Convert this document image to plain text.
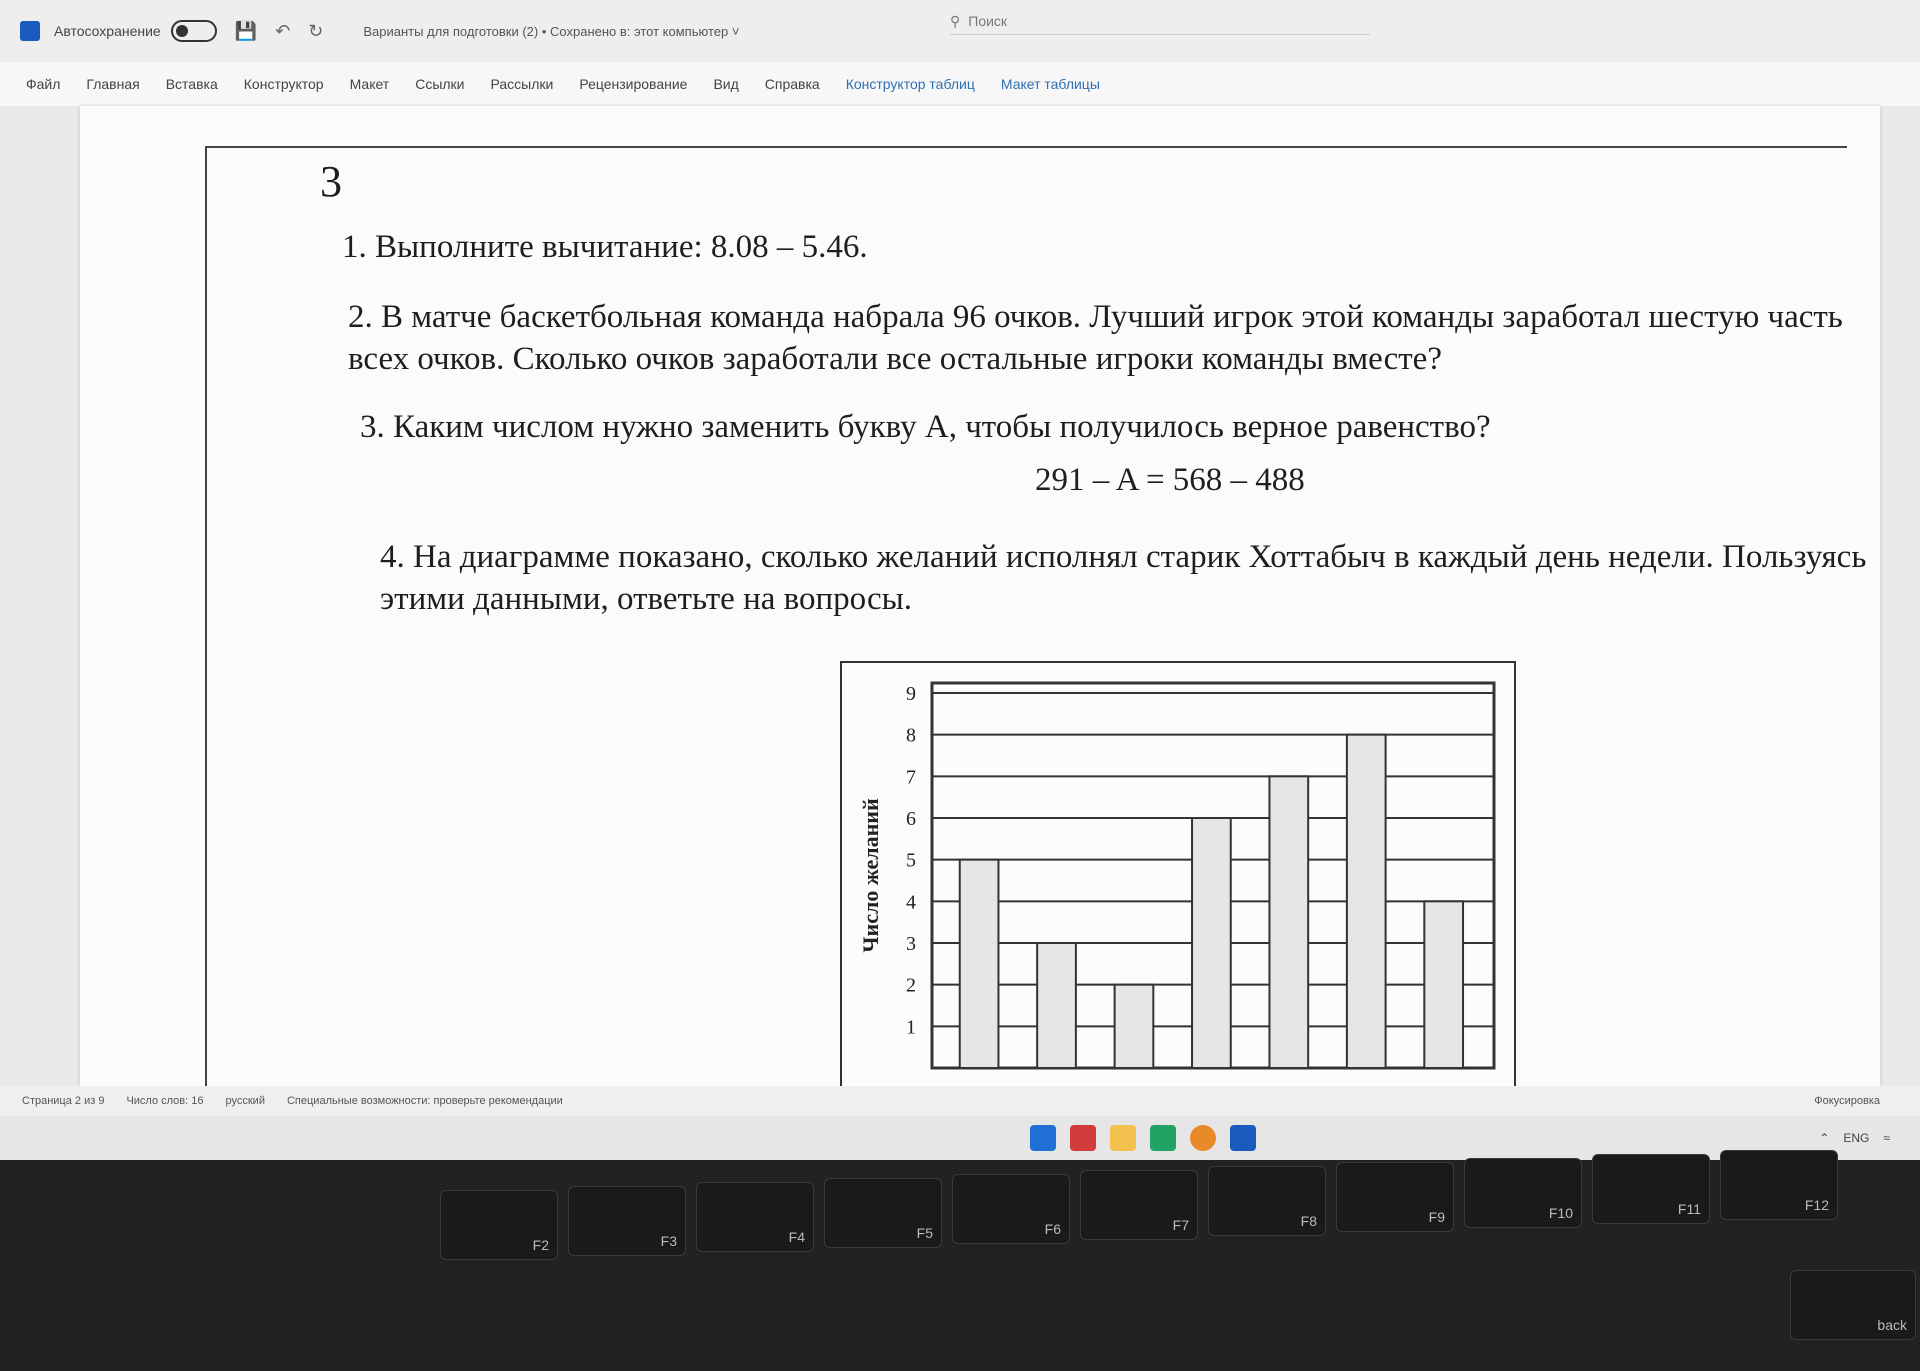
Автосохранение	💾 ↶ ↻	Варианты для подготовки (2) • Сохранено в: этот компьютер ˅
⚲ Поиск
Файл Главная Вставка Конструктор Макет Ссылки Рассылки Рецензирование Вид Справка Конструктор таблиц Макет таблицы
3
1. Выполните вычитание: 8.08 – 5.46.
2. В матче баскетбольная команда набрала 96 очков. Лучший игрок этой команды заработал шестую часть всех очков. Сколько очков заработали все остальные игроки команды вместе?
3. Каким числом нужно заменить букву А, чтобы получилось верное равенство?
291 – A = 568 – 488
4. На диаграмме показано, сколько желаний исполнял старик Хоттабыч в каждый день недели. Пользуясь этими данными, ответьте на вопросы.
1
2
3
4
5
6
7
8
9
Число желаний
Страница 2 из 9 Число слов: 16 русский Специальные возможности: проверьте рекомендации	Фокусировка
⌃ ENG ≈
F2	F3	F4	F5	F6	F7	F8	F9	F10	F11	F12
back
